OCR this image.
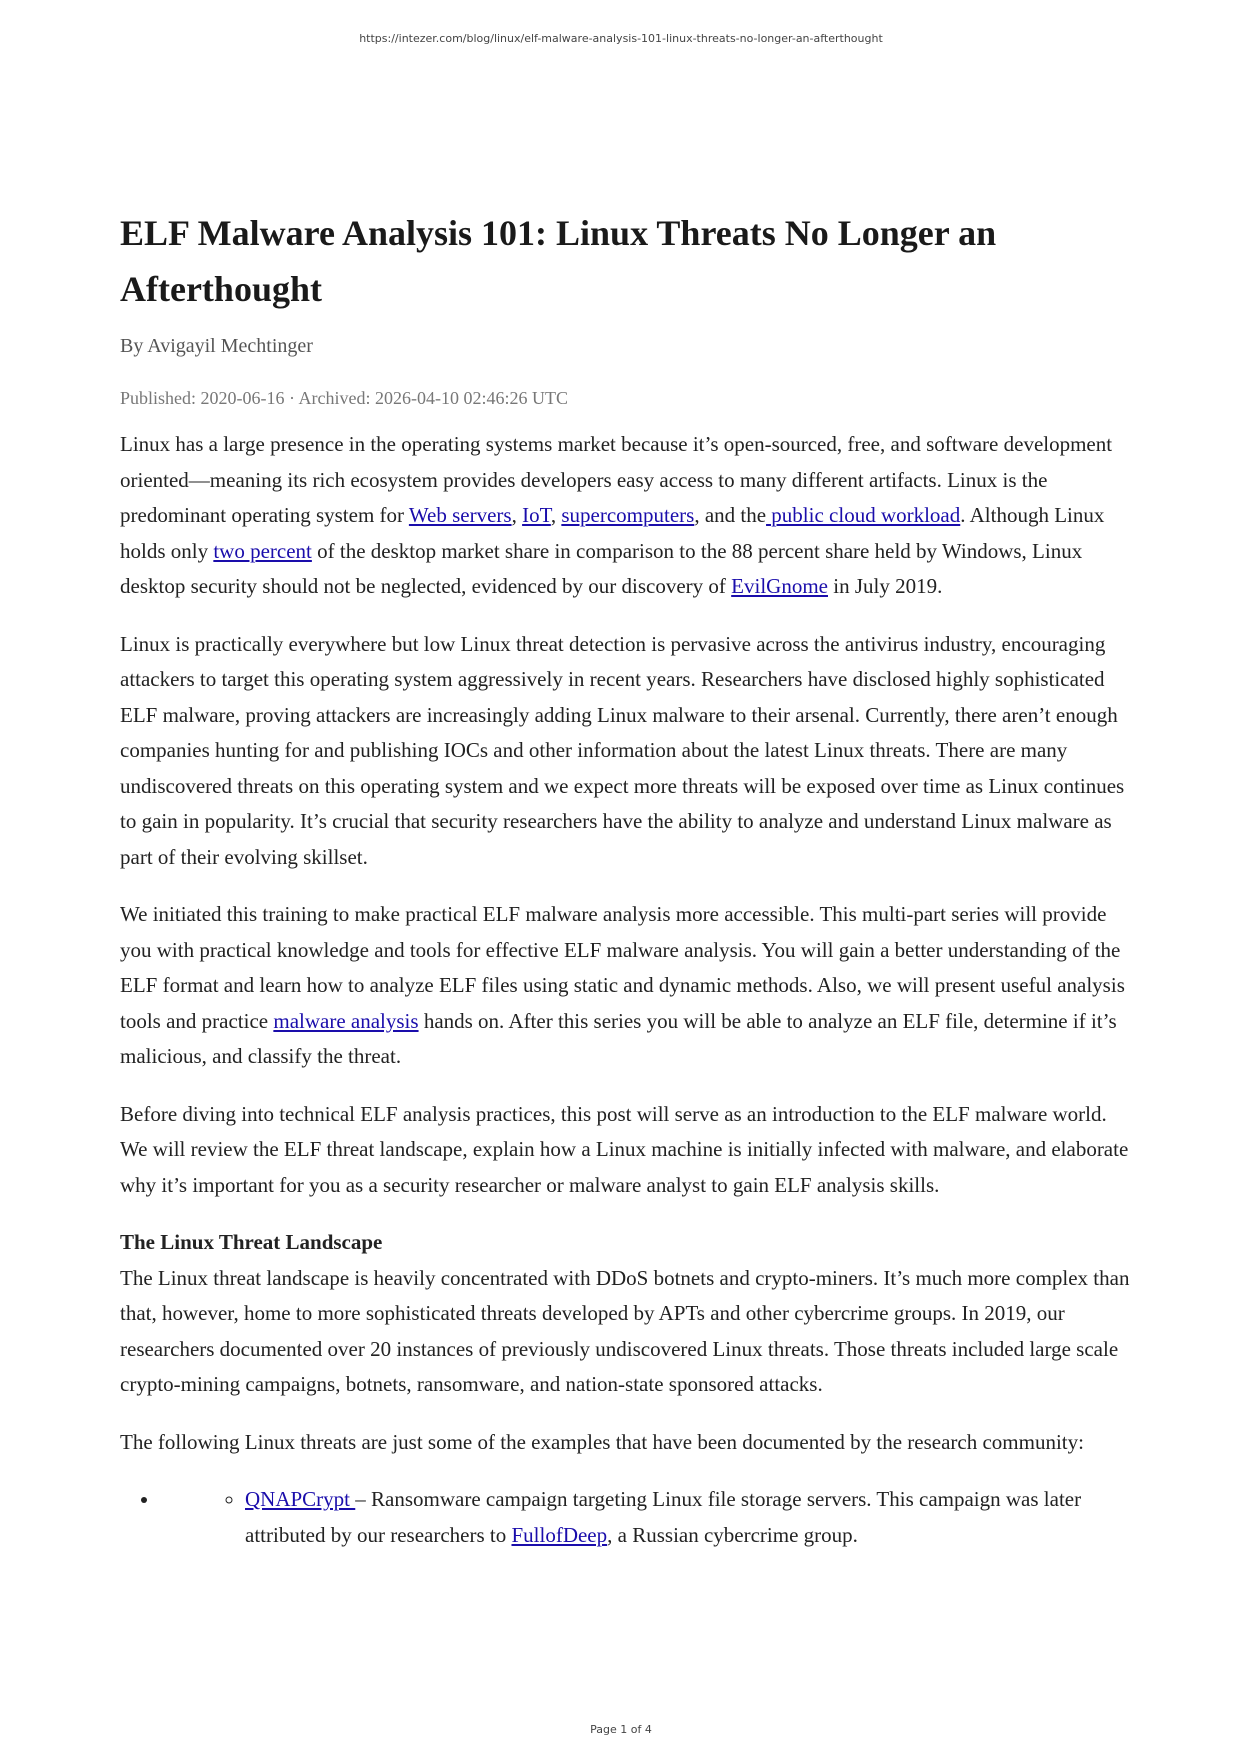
https://intezer.com/blog/linux/elf-malware-analysis-101-linux-threats-no-longer-an-afterthought
ELF Malware Analysis 101: Linux Threats No Longer an Afterthought
By Avigayil Mechtinger
Published: 2020-06-16 · Archived: 2026-04-10 02:46:26 UTC

Linux has a large presence in the operating systems market because it’s open-sourced, free, and software development oriented—meaning its rich ecosystem provides developers easy access to many different artifacts. Linux is the predominant operating system for Web servers, IoT, supercomputers, and the public cloud workload. Although Linux holds only two percent of the desktop market share in comparison to the 88 percent share held by Windows, Linux desktop security should not be neglected, evidenced by our discovery of EvilGnome in July 2019.

Linux is practically everywhere but low Linux threat detection is pervasive across the antivirus industry, encouraging attackers to target this operating system aggressively in recent years. Researchers have disclosed highly sophisticated ELF malware, proving attackers are increasingly adding Linux malware to their arsenal. Currently, there aren’t enough companies hunting for and publishing IOCs and other information about the latest Linux threats. There are many undiscovered threats on this operating system and we expect more threats will be exposed over time as Linux continues to gain in popularity. It’s crucial that security researchers have the ability to analyze and understand Linux malware as part of their evolving skillset.

We initiated this training to make practical ELF malware analysis more accessible. This multi-part series will provide you with practical knowledge and tools for effective ELF malware analysis. You will gain a better understanding of the ELF format and learn how to analyze ELF files using static and dynamic methods. Also, we will present useful analysis tools and practice malware analysis hands on. After this series you will be able to analyze an ELF file, determine if it’s malicious, and classify the threat.

Before diving into technical ELF analysis practices, this post will serve as an introduction to the ELF malware world. We will review the ELF threat landscape, explain how a Linux machine is initially infected with malware, and elaborate why it’s important for you as a security researcher or malware analyst to gain ELF analysis skills.

The Linux Threat Landscape

The Linux threat landscape is heavily concentrated with DDoS botnets and crypto-miners. It’s much more complex than that, however, home to more sophisticated threats developed by APTs and other cybercrime groups. In 2019, our researchers documented over 20 instances of previously undiscovered Linux threats. Those threats included large scale crypto-mining campaigns, botnets, ransomware, and nation-state sponsored attacks.

The following Linux threats are just some of the examples that have been documented by the research community:

◦ • QNAPCrypt – Ransomware campaign targeting Linux file storage servers. This campaign was later attributed by our researchers to FullofDeep, a Russian cybercrime group.
Page 1 of 4
